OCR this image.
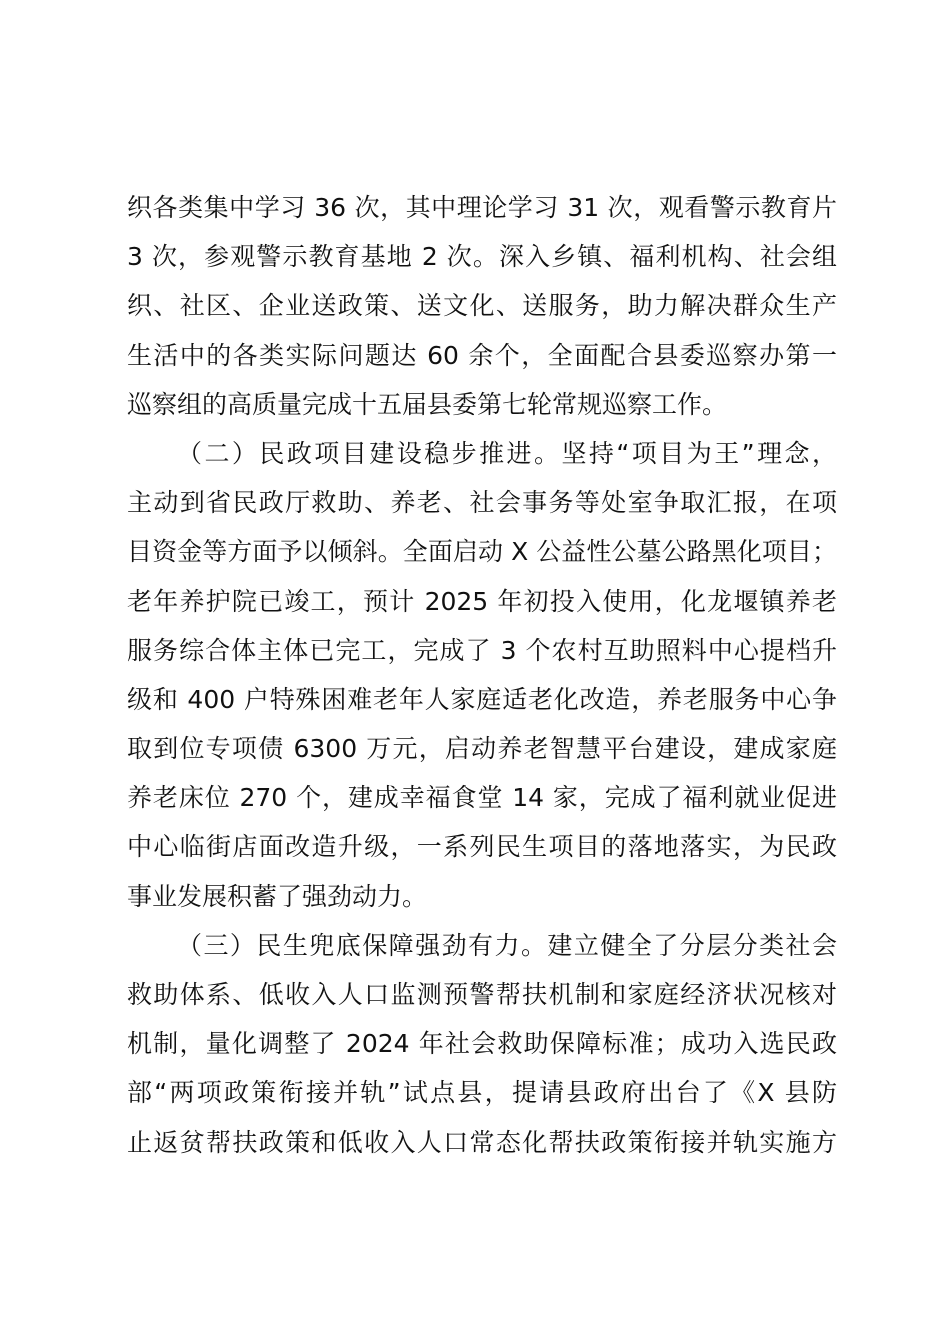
织各类集中学习 36 次，其中理论学习 31 次，观看警示教育片
3 次，参观警示教育基地 2 次。深入乡镇、福利机构、社会组
织、社区、企业送政策、送文化、送服务，助力解决群众生产
生活中的各类实际问题达 60 余个，全面配合县委巡察办第一
巡察组的高质量完成十五届县委第七轮常规巡察工作。
（二）民政项目建设稳步推进。坚持“项目为王”理念，
主动到省民政厅救助、养老、社会事务等处室争取汇报，在项
目资金等方面予以倾斜。全面启动 X 公益性公墓公路黑化项目；
老年养护院已竣工，预计 2025 年初投入使用，化龙堰镇养老
服务综合体主体已完工，完成了 3 个农村互助照料中心提档升
级和 400 户特殊困难老年人家庭适老化改造，养老服务中心争
取到位专项债 6300 万元，启动养老智慧平台建设，建成家庭
养老床位 270 个，建成幸福食堂 14 家，完成了福利就业促进
中心临街店面改造升级，一系列民生项目的落地落实，为民政
事业发展积蓄了强劲动力。
（三）民生兜底保障强劲有力。建立健全了分层分类社会
救助体系、低收入人口监测预警帮扶机制和家庭经济状况核对
机制，量化调整了 2024 年社会救助保障标准；成功入选民政
部“两项政策衔接并轨”试点县，提请县政府出台了《X 县防
止返贫帮扶政策和低收入人口常态化帮扶政策衔接并轨实施方
